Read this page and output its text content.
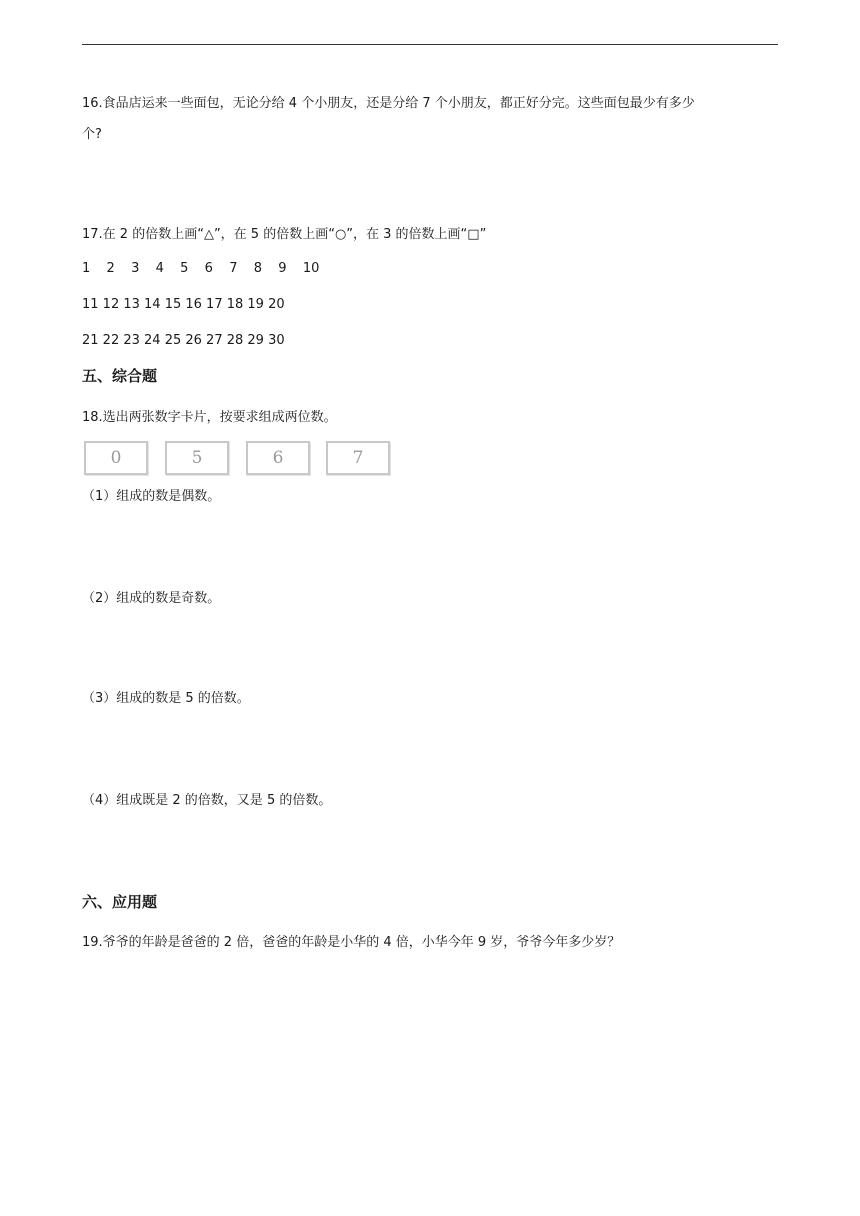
16.食品店运来一些面包，无论分给 4 个小朋友，还是分给 7 个小朋友，都正好分完。这些面包最少有多少
个?
17.在 2 的倍数上画“△”，在 5 的倍数上画“○”，在 3 的倍数上画“□”
1  2  3  4  5  6  7  8  9  10
11 12 13 14 15 16 17 18 19 20
21 22 23 24 25 26 27 28 29 30
五、综合题
18.选出两张数字卡片，按要求组成两位数。
0	5	6	7
（1）组成的数是偶数。
（2）组成的数是奇数。
（3）组成的数是 5 的倍数。
（4）组成既是 2 的倍数，又是 5 的倍数。
六、应用题
19.爷爷的年龄是爸爸的 2 倍，爸爸的年龄是小华的 4 倍，小华今年 9 岁，爷爷今年多少岁？
